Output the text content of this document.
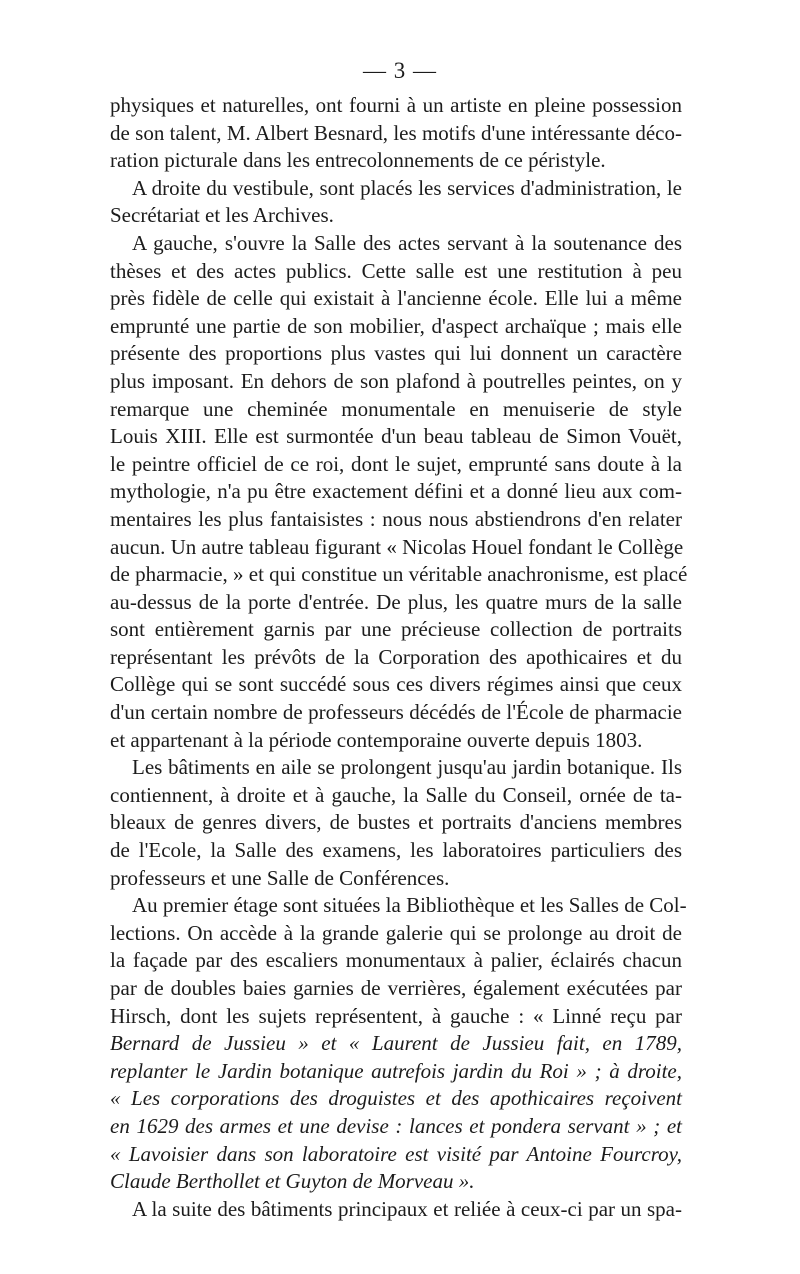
— 3 —
physiques et naturelles, ont fourni à un artiste en pleine possession
de son talent, M. Albert Besnard, les motifs d'une intéressante déco-
ration picturale dans les entrecolonnements de ce péristyle.
A droite du vestibule, sont placés les services d'administration, le
Secrétariat et les Archives.
A gauche, s'ouvre la Salle des actes servant à la soutenance des
thèses et des actes publics. Cette salle est une restitution à peu
près fidèle de celle qui existait à l'ancienne école. Elle lui a même
emprunté une partie de son mobilier, d'aspect archaïque ; mais elle
présente des proportions plus vastes qui lui donnent un caractère
plus imposant. En dehors de son plafond à poutrelles peintes, on y
remarque une cheminée monumentale en menuiserie de style
Louis XIII. Elle est surmontée d'un beau tableau de Simon Vouët,
le peintre officiel de ce roi, dont le sujet, emprunté sans doute à la
mythologie, n'a pu être exactement défini et a donné lieu aux com-
mentaires les plus fantaisistes : nous nous abstiendrons d'en relater
aucun. Un autre tableau figurant « Nicolas Houel fondant le Collège
de pharmacie, » et qui constitue un véritable anachronisme, est placé
au-dessus de la porte d'entrée. De plus, les quatre murs de la salle
sont entièrement garnis par une précieuse collection de portraits
représentant les prévôts de la Corporation des apothicaires et du
Collège qui se sont succédé sous ces divers régimes ainsi que ceux
d'un certain nombre de professeurs décédés de l'École de pharmacie
et appartenant à la période contemporaine ouverte depuis 1803.
Les bâtiments en aile se prolongent jusqu'au jardin botanique. Ils
contiennent, à droite et à gauche, la Salle du Conseil, ornée de ta-
bleaux de genres divers, de bustes et portraits d'anciens membres
de l'Ecole, la Salle des examens, les laboratoires particuliers des
professeurs et une Salle de Conférences.
Au premier étage sont situées la Bibliothèque et les Salles de Col-
lections. On accède à la grande galerie qui se prolonge au droit de
la façade par des escaliers monumentaux à palier, éclairés chacun
par de doubles baies garnies de verrières, également exécutées par
Hirsch, dont les sujets représentent, à gauche : « Linné reçu par
Bernard de Jussieu » et « Laurent de Jussieu fait, en 1789,
replanter le Jardin botanique autrefois jardin du Roi » ; à droite,
« Les corporations des droguistes et des apothicaires reçoivent
en 1629 des armes et une devise : lances et pondera servant » ; et
« Lavoisier dans son laboratoire est visité par Antoine Fourcroy,
Claude Berthollet et Guyton de Morveau ».
A la suite des bâtiments principaux et reliée à ceux-ci par un spa-
